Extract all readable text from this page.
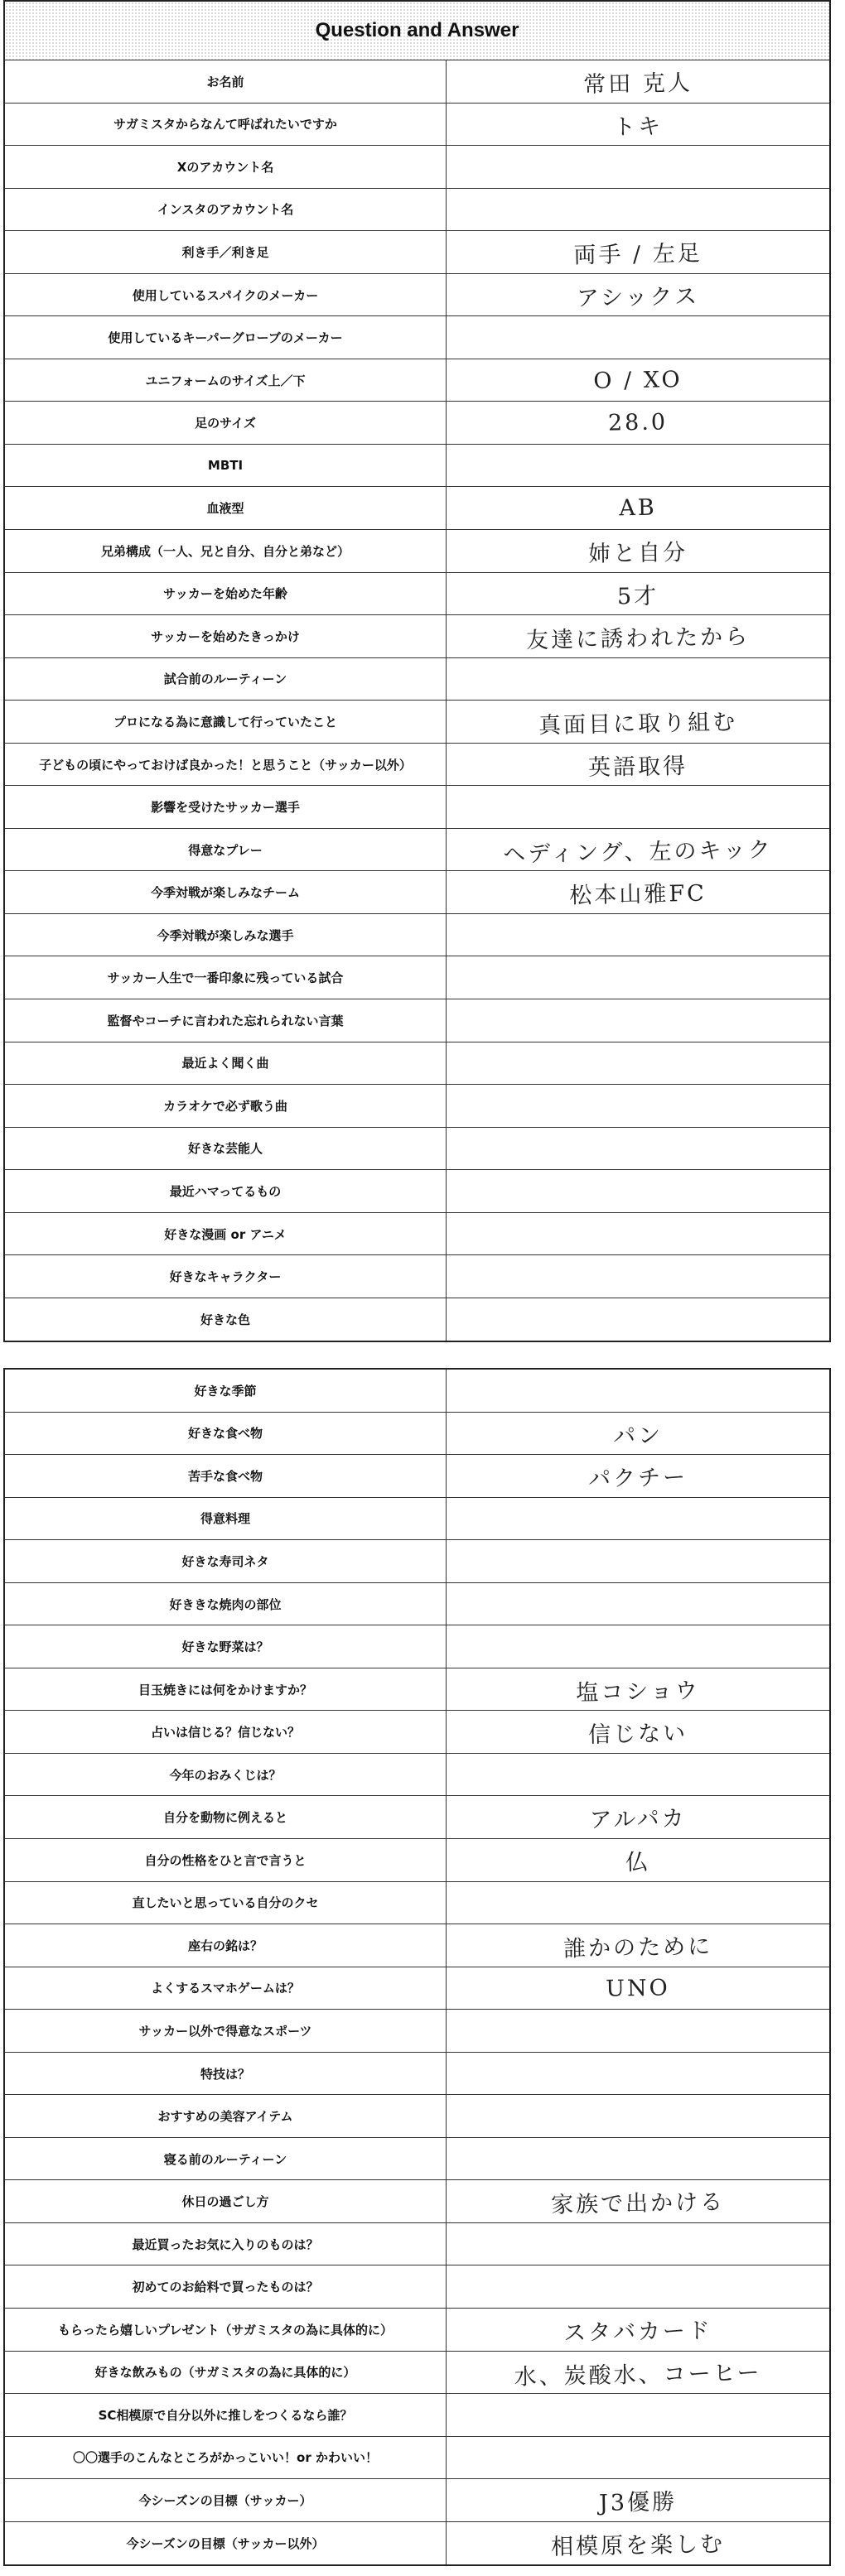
Question and Answer
お名前	常田 克人
サガミスタからなんて呼ばれたいですか	トキ
Xのアカウント名
インスタのアカウント名
利き手／利き足	両手 / 左足
使用しているスパイクのメーカー	アシックス
使用しているキーパーグローブのメーカー
ユニフォームのサイズ上／下	O / XO
足のサイズ	28.0
MBTI
血液型	AB
兄弟構成（一人、兄と自分、自分と弟など）	姉と自分
サッカーを始めた年齢	5才
サッカーを始めたきっかけ	友達に誘われたから
試合前のルーティーン
プロになる為に意識して行っていたこと	真面目に取り組む
子どもの頃にやっておけば良かった！と思うこと（サッカー以外）	英語取得
影響を受けたサッカー選手
得意なプレー	ヘディング、左のキック
今季対戦が楽しみなチーム	松本山雅FC
今季対戦が楽しみな選手
サッカー人生で一番印象に残っている試合
監督やコーチに言われた忘れられない言葉
最近よく聞く曲
カラオケで必ず歌う曲
好きな芸能人
最近ハマってるもの
好きな漫画 or アニメ
好きなキャラクター
好きな色
好きな季節
好きな食べ物	パン
苦手な食べ物	パクチー
得意料理
好きな寿司ネタ
好ききな焼肉の部位
好きな野菜は？
目玉焼きには何をかけますか？	塩コショウ
占いは信じる？信じない？	信じない
今年のおみくじは？
自分を動物に例えると	アルパカ
自分の性格をひと言で言うと	仏
直したいと思っている自分のクセ
座右の銘は？	誰かのために
よくするスマホゲームは？	UNO
サッカー以外で得意なスポーツ
特技は？
おすすめの美容アイテム
寝る前のルーティーン
休日の過ごし方	家族で出かける
最近買ったお気に入りのものは？
初めてのお給料で買ったものは？
もらったら嬉しいプレゼント（サガミスタの為に具体的に）	スタバカード
好きな飲みもの（サガミスタの為に具体的に）	水、炭酸水、コーヒー
SC相模原で自分以外に推しをつくるなら誰？
〇〇選手のこんなところがかっこいい！or かわいい！
今シーズンの目標（サッカー）	J3優勝
今シーズンの目標（サッカー以外）	相模原を楽しむ
